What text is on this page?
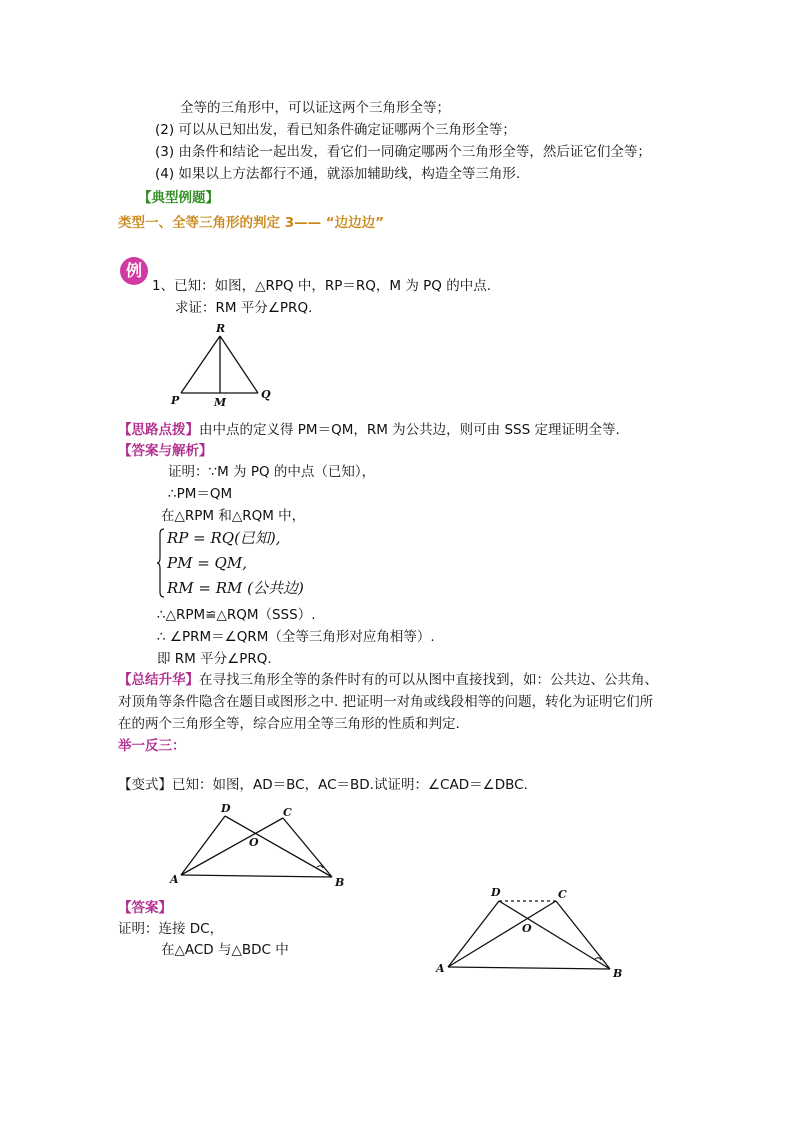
全等的三角形中，可以证这两个三角形全等；
(2) 可以从已知出发，看已知条件确定证哪两个三角形全等；
(3) 由条件和结论一起出发，看它们一同确定哪两个三角形全等，然后证它们全等；
(4) 如果以上方法都行不通，就添加辅助线，构造全等三角形.
【典型例题】
类型一、全等三角形的判定 3—— “边边边”
例
1、已知：如图，△RPQ 中，RP＝RQ，M 为 PQ 的中点.
求证：RM 平分∠PRQ.
R
P	M
Q
【思路点拨】由中点的定义得 PM＝QM，RM 为公共边，则可由 SSS 定理证明全等.
【答案与解析】
证明：∵M 为 PQ 的中点（已知），
∴PM＝QM
在△RPM 和△RQM 中，
RP = RQ(已知),
PM = QM,
RM = RM (公共边)
∴△RPM≌△RQM（SSS）.
∴ ∠PRM＝∠QRM（全等三角形对应角相等）.
即 RM 平分∠PRQ.
【总结升华】在寻找三角形全等的条件时有的可以从图中直接找到，如：公共边、公共角、
对顶角等条件隐含在题目或图形之中. 把证明一对角或线段相等的问题，转化为证明它们所
在的两个三角形全等，综合应用全等三角形的性质和判定.
举一反三：
【变式】已知：如图，AD＝BC，AC＝BD.试证明：∠CAD＝∠DBC.
D	C
O
A	B
【答案】
证明：连接 DC，
在△ACD 与△BDC 中
D	C
O
A	B
